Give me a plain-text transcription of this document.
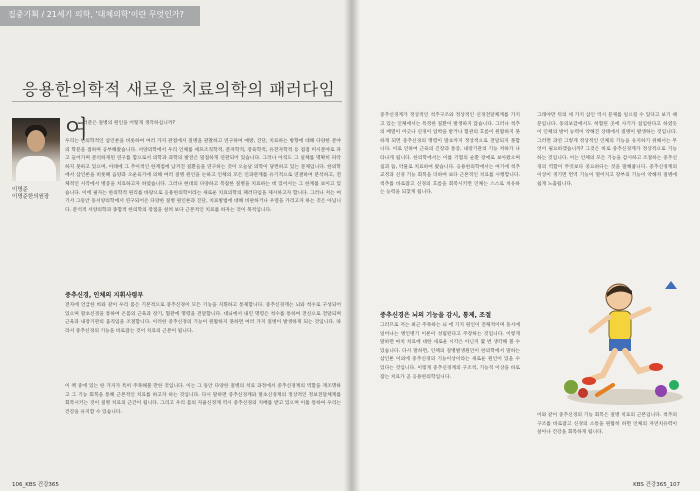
집중기획 / 21세기 의학, '대체의학'이란 무엇인가?
응용한의학적 새로운 치료의학의 패러다임
이명준
이명준한의원장
여
러분은 질병의 원인을 어떻게 생각하십니까?
우리는 한의학적인 삼인론을 비롯하여 여러 가지 관점에서 질병을 관찰하고 연구하여 예방, 진단, 치료하는 방향에 대해 다양한 분야의 학문을 접하며 공부해왔습니다. 서양의학에서 우리 인체를 세포조직학적, 분자학적, 장육학적, 유전자학적 등 점점 미시분야로 파고 들어가며 분석하게된 연구를 함으로서 의학과 과학의 발전은 밀접하게 연관되어 있습니다. 그러나 아직도 그 실체를 명확히 파악하지 못하고 있으며, 아래에 그 추이적인 한계점에 남겨진 질환들을 연구하는 것이 오늘날 의학이 당면하고 있는 문제입니다. 한의학에서 삼인론을 비롯해 음양과 오운육기에 의해 여러 질병 원인을 논하고 인체의 모든 인과관계를 유기적으로 연결하여 분석하고, 전체적인 시각에서 병증을 치료하고자 하였습니다. 그러나 현대의 다양하고 복잡한 질병을 치료하는 데 있어서는 그 한계를 보이고 있습니다. 이에 필자는 한의학적 원리를 바탕으로 응용한의학이라는 새로운 치료의학의 패러다임을 제시하고자 합니다. 그러나 저는 여기서 그동안 동서양의학에서 연구되어온 다양한 질병 원인론과 진단, 치료방법에 대해 비판하거나 우열을 가리고자 하는 것은 아닙니다. 분석적 서양의학과 종합적 한의학의 장점을 살려 보다 근본적인 치료를 하자는 것이 목적입니다.
중추신경, 인체의 지휘사령부
전자에 언급한 바와 같이 우리 몸은 기본적으로 중추신경이 모든 기능을 지휘하고 통제합니다. 중추신경계는 뇌와 척수로 구성되어 있으며 말초신경을 통하여 온몸의 근육과 장기, 혈관에 명령을 전달합니다. 대뇌에서 내린 명령은 척수를 통하여 전신으로 전달되며 근육과 내장기관의 움직임을 조절합니다. 이러한 중추신경의 기능이 원활하지 못하면 여러 가지 질병이 발생하게 되는 것입니다. 따라서 중추신경의 기능을 바로잡는 것이 치료의 근본이 됩니다.
이 책 중에 있는 한 가지가 특히 주목해볼 만한 것입니다. 이는 그 동안 다양한 질병의 치료 과정에서 중추신경계의 역할을 재조명하고 그 기능 회복을 통해 근본적인 치료를 하고자 하는 것입니다. 다시 말하면 중추신경계와 말초신경계의 정상적인 정보전달체계를 회복시키는 것이 질병 치료의 근간이 됩니다. 그리고 우리 몸의 자율신경계 역시 중추신경의 지배를 받고 있으며 이를 통하여 우리는 건강을 유지할 수 있습니다.
106_KBS 건강365
중추신경계가 정상적인 척추구조와 정상적인 신경전달체계를 가지고 있는 인체에서는 특정한 질환이 발생하지 않습니다. 그러나 척추의 배열이 어긋나 신경이 압박을 받거나 혈관의 흐름이 원활하지 못하게 되면 중추신경의 명령이 말초까지 정상적으로 전달되지 못합니다. 이로 인하여 근육의 긴장과 통증, 내장기관의 기능 저하가 나타나게 됩니다. 한의학에서는 이를 기혈의 순환 장애로 보아왔으며 침과 뜸, 약물로 치료하여 왔습니다. 응용한의학에서는 여기에 척추 교정과 신경 기능 회복을 더하여 보다 근본적인 치료를 시행합니다. 척추를 바로잡고 신경의 흐름을 회복시키면 인체는 스스로 치유하는 능력을 되찾게 됩니다.
중추신경은 뇌의 기능을 감시, 통제, 조절
그러므로 저는 최근 주목하는 뇌 에 기지 원인이 전체적이며 동시에 일어나는 병인병기 이론이 성립된다고 주장하는 것입니다. 이렇게 말하면 마치 치료에 대한 새로운 시각은 아닌지 몇 번 생각해 볼 수 있습니다. 다시 말하면, 인체의 질병발생원인이 한의학에서 말하는 삼인론 이외에 중추신경의 기능이상이라는 새로운 원인이 있을 수 있다는 것입니다. 이렇게 중추신경계의 구조적, 기능적 이상을 바로잡는 치료가 곧 응용한의학입니다.
그래야만 뒤의 세 가지 삼인 역시 문제를 일으킬 수 있다고 보기 때문입니다. 동의보감에서도 허혈된 곳에 사기가 침입한다고 하였듯이 인체의 방어 능력이 약해진 상태에서 질병이 발생하는 것입니다. 그러면 과연 그렇게 정상적인 인체의 기능을 유지하기 위해서는 무엇이 필요하겠습니까? 그것은 바로 중추신경계가 정상적으로 기능하는 것입니다. 이는 인체의 모든 기능을 감시하고 조절하는 중추신경의 역할이 무엇보다 중요하다는 것을 말해줍니다. 중추신경계의 이상이 생기면 면역 기능이 떨어지고 장부의 기능이 약해져 질병에 쉽게 노출됩니다.
이와 같이 중추신경의 기능 회복은 질병 치료의 근본입니다. 척추의 구조를 바로잡고 신경의 소통을 원활히 하면 인체의 자연치유력이 살아나 건강을 회복하게 됩니다.
KBS 건강365_107
